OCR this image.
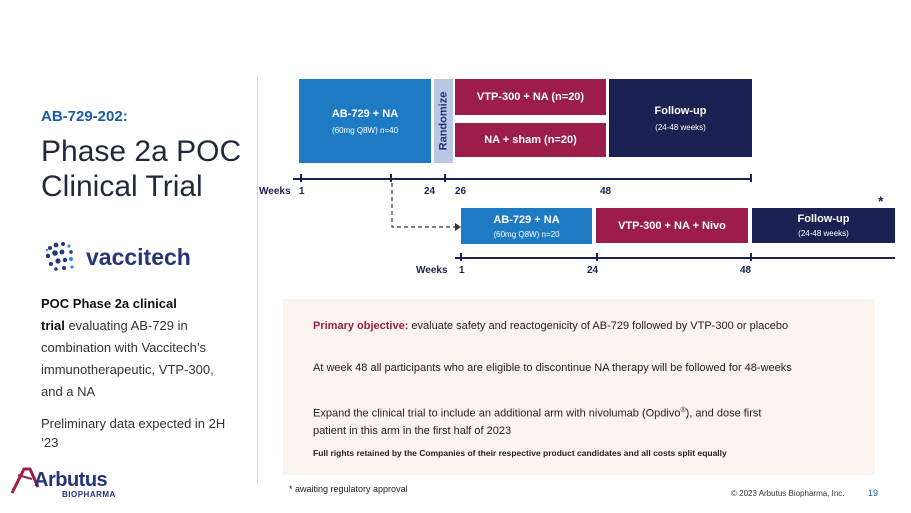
AB-729-202:
Phase 2a POC
Clinical Trial
vaccitech
POC Phase 2a clinical
trial evaluating AB-729 in combination with Vaccitech’s immunotherapeutic, VTP-300, and a NA
Preliminary data expected in 2H ’23
Arbutus
BIOPHARMA
AB-729 + NA
(60mg Q8W) n=40	Randomize VTP-300 + NA (n=20)
NA + sham (n=20)
Follow-up
(24-48 weeks)
Weeks 1	24 26	48
AB-729 + NA
(60mg Q8W) n=20
VTP-300 + NA + Nivo
Follow-up
(24-48 weeks)
*
Weeks 1	24	48

Primary objective: evaluate safety and reactogenicity of AB-729 followed by VTP-300 or placebo

At week 48 all participants who are eligible to discontinue NA therapy will be followed for 48-weeks

Expand the clinical trial to include an additional arm with nivolumab (Opdivo®), and dose first patient in this arm in the first half of 2023

Full rights retained by the Companies of their respective product candidates and all costs split equally

* awaiting regulatory approval	© 2023 Arbutus Biopharma, Inc.	19
